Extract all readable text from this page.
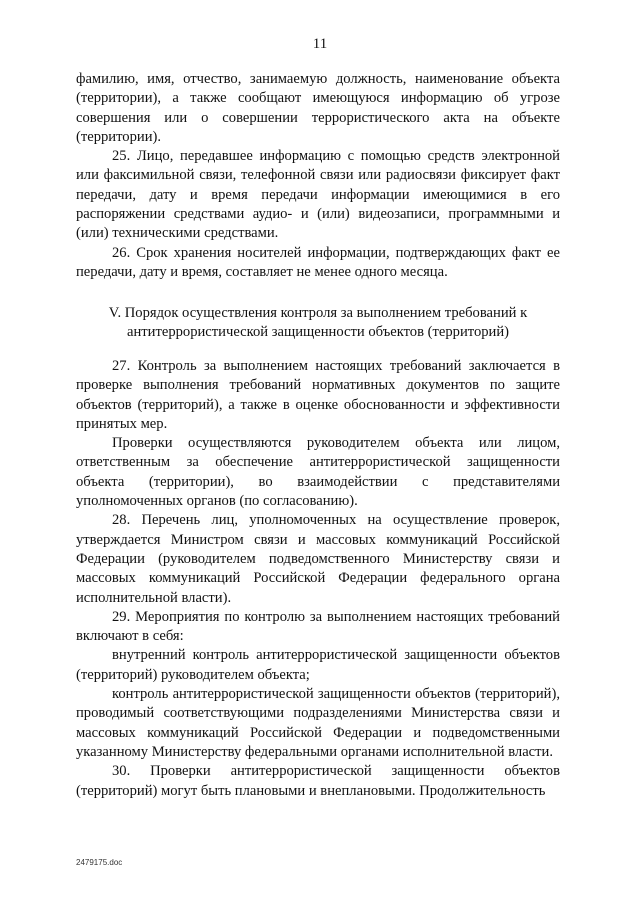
11

фамилию, имя, отчество, занимаемую должность, наименование объекта (территории), а также сообщают имеющуюся информацию об угрозе совершения или о совершении террористического акта на объекте (территории).

25. Лицо, передавшее информацию с помощью средств электронной или факсимильной связи, телефонной связи или радиосвязи фиксирует факт передачи, дату и время передачи информации имеющимися в его распоряжении средствами аудио- и (или) видеозаписи, программными и (или) техническими средствами.

26. Срок хранения носителей информации, подтверждающих факт ее передачи, дату и время, составляет не менее одного месяца.

V. Порядок осуществления контроля за выполнением требований к
антитеррористической защищенности объектов (территорий)

27. Контроль за выполнением настоящих требований заключается в проверке выполнения требований нормативных документов по защите объектов (территорий), а также в оценке обоснованности и эффективности принятых мер.

Проверки осуществляются руководителем объекта или лицом, ответственным за обеспечение антитеррористической защищенности объекта (территории), во взаимодействии с представителями уполномоченных органов (по согласованию).

28. Перечень лиц, уполномоченных на осуществление проверок, утверждается Министром связи и массовых коммуникаций Российской Федерации (руководителем подведомственного Министерству связи и массовых коммуникаций Российской Федерации федерального органа исполнительной власти).

29. Мероприятия по контролю за выполнением настоящих требований включают в себя:

внутренний контроль антитеррористической защищенности объектов (территорий) руководителем объекта;

контроль антитеррористической защищенности объектов (территорий), проводимый соответствующими подразделениями Министерства связи и массовых коммуникаций Российской Федерации и подведомственными указанному Министерству федеральными органами исполнительной власти.

30. Проверки антитеррористической защищенности объектов (территорий) могут быть плановыми и внеплановыми. Продолжительность

2479175.doc
